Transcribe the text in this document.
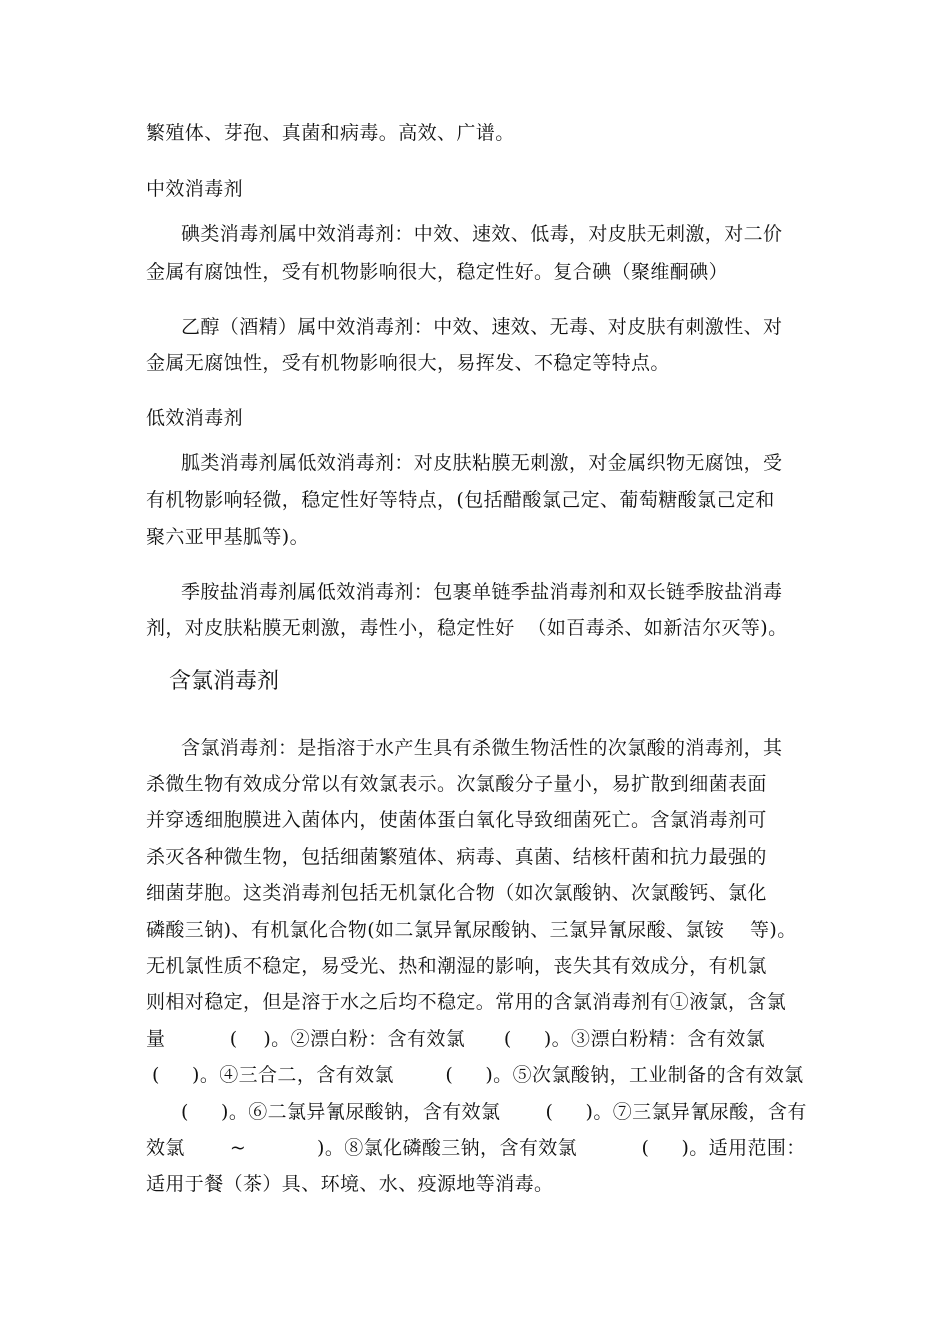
繁殖体、芽孢、真菌和病毒。高效、广谱。
中效消毒剂
碘类消毒剂属中效消毒剂：中效、速效、低毒，对皮肤无刺激，对二价
金属有腐蚀性，受有机物影响很大，稳定性好。复合碘（聚维酮碘）
乙醇（酒精）属中效消毒剂：中效、速效、无毒、对皮肤有刺激性、对
金属无腐蚀性，受有机物影响很大，易挥发、不稳定等特点。
低效消毒剂
胍类消毒剂属低效消毒剂：对皮肤粘膜无刺激，对金属织物无腐蚀，受
有机物影响轻微，稳定性好等特点，(包括醋酸氯己定、葡萄糖酸氯己定和
聚六亚甲基胍等)。
季胺盐消毒剂属低效消毒剂：包裹单链季盐消毒剂和双长链季胺盐消毒
剂，对皮肤粘膜无刺激，毒性小，稳定性好  （如百毒杀、如新洁尔灭等)。
含氯消毒剂
含氯消毒剂：是指溶于水产生具有杀微生物活性的次氯酸的消毒剂，其
杀微生物有效成分常以有效氯表示。次氯酸分子量小，易扩散到细菌表面
并穿透细胞膜进入菌体内，使菌体蛋白氧化导致细菌死亡。含氯消毒剂可
杀灭各种微生物，包括细菌繁殖体、病毒、真菌、结核杆菌和抗力最强的
细菌芽胞。这类消毒剂包括无机氯化合物（如次氯酸钠、次氯酸钙、氯化
磷酸三钠)、有机氯化合物(如二氯异氰尿酸钠、三氯异氰尿酸、氯铵    等)。
无机氯性质不稳定，易受光、热和潮湿的影响，丧失其有效成分，有机氯
则相对稳定，但是溶于水之后均不稳定。常用的含氯消毒剂有①液氯，含氯
量          (    )。②漂白粉：含有效氯      (     )。③漂白粉精：含有效氯
(     )。④三合二，含有效氯        (     )。⑤次氯酸钠，工业制备的含有效氯
(     )。⑥二氯异氰尿酸钠，含有效氯       (     )。⑦三氯异氰尿酸，含有
效氯       ~           )。⑧氯化磷酸三钠，含有效氯          (     )。适用范围：
适用于餐（茶）具、环境、水、疫源地等消毒。
